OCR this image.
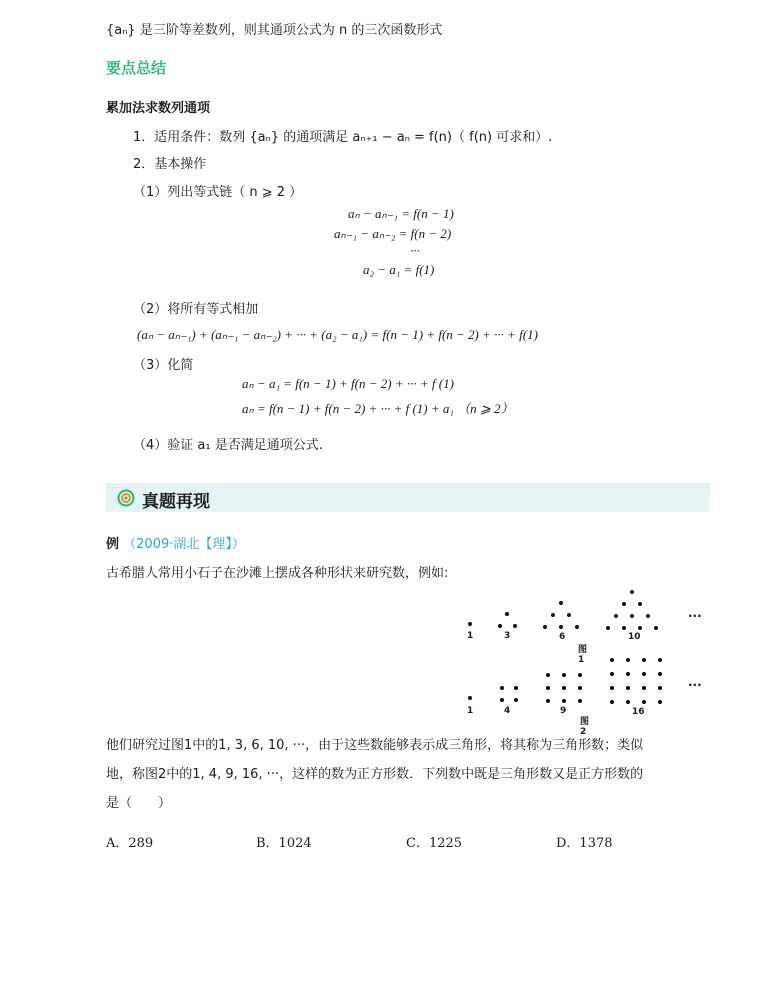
{aₙ} 是三阶等差数列，则其通项公式为 n 的三次函数形式
要点总结
累加法求数列通项
1．适用条件：数列 {aₙ} 的通项满足 aₙ₊₁ − aₙ = f(n)（ f(n) 可求和）.
2．基本操作
（1）列出等式链（ n ⩾ 2 ）
aₙ − aₙ₋₁ = f(n − 1)
aₙ₋₁ − aₙ₋₂ = f(n − 2)
···
a₂ − a₁ = f(1)
（2）将所有等式相加
(aₙ − aₙ₋₁) + (aₙ₋₁ − aₙ₋₂) + ··· + (a₂ − a₁) = f(n − 1) + f(n − 2) + ··· + f(1)
（3）化简
aₙ − a₁ = f(n − 1) + f(n − 2) + ··· + f (1)
aₙ = f(n − 1) + f(n − 2) + ··· + f (1) + a₁ （n ⩾ 2）
（4）验证 a₁ 是否满足通项公式.
真题再现
例 （2009·湖北【理】）
古希腊人常用小石子在沙滩上摆成各种形状来研究数，例如:
1	3	6	10
图1
···
1	4	9	16
图2
···
他们研究过图1中的1, 3, 6, 10, ···，由于这些数能够表示成三角形，将其称为三角形数；类似
地，称图2中的1, 4, 9, 16, ···，这样的数为正方形数．下列数中既是三角形数又是正方形数的
是（　　）
A．289	B．1024	C．1225	D．1378
